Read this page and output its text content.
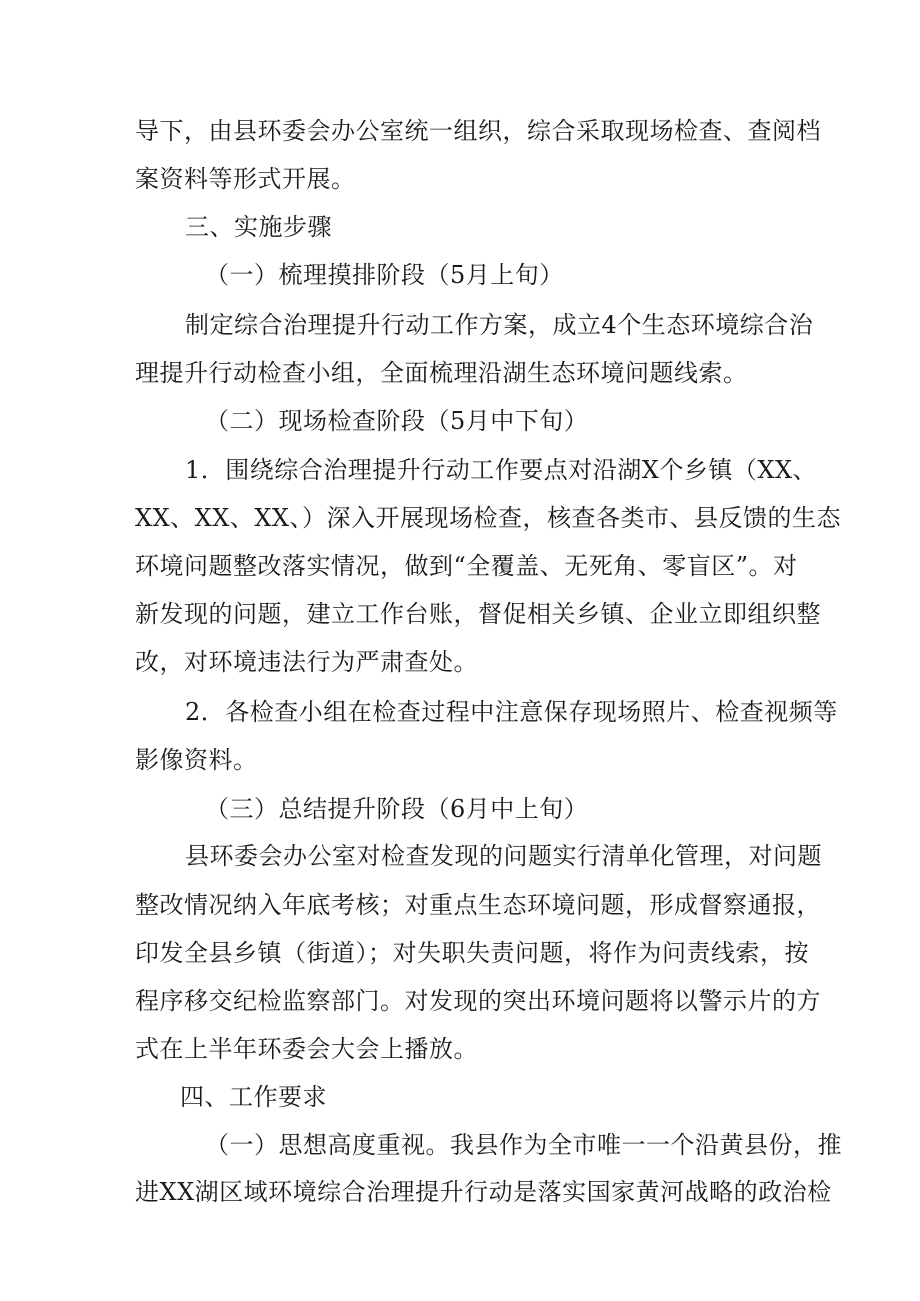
导下，由县环委会办公室统一组织，综合采取现场检查、查阅档
案资料等形式开展。
三、实施步骤
（一）梳理摸排阶段（5月上旬）
制定综合治理提升行动工作方案，成立4个生态环境综合治
理提升行动检查小组，全面梳理沿湖生态环境问题线索。
（二）现场检查阶段（5月中下旬）
1．围绕综合治理提升行动工作要点对沿湖X个乡镇（XX、
XX、XX、XX、）深入开展现场检查，核查各类市、县反馈的生态
环境问题整改落实情况，做到“全覆盖、无死角、零盲区”。对
新发现的问题，建立工作台账，督促相关乡镇、企业立即组织整
改，对环境违法行为严肃查处。
2．各检查小组在检查过程中注意保存现场照片、检查视频等
影像资料。
（三）总结提升阶段（6月中上旬）
县环委会办公室对检查发现的问题实行清单化管理，对问题
整改情况纳入年底考核；对重点生态环境问题，形成督察通报，
印发全县乡镇（街道）；对失职失责问题，将作为问责线索，按
程序移交纪检监察部门。对发现的突出环境问题将以警示片的方
式在上半年环委会大会上播放。
四、工作要求
（一）思想高度重视。我县作为全市唯一一个沿黄县份，推
进XX湖区域环境综合治理提升行动是落实国家黄河战略的政治检
